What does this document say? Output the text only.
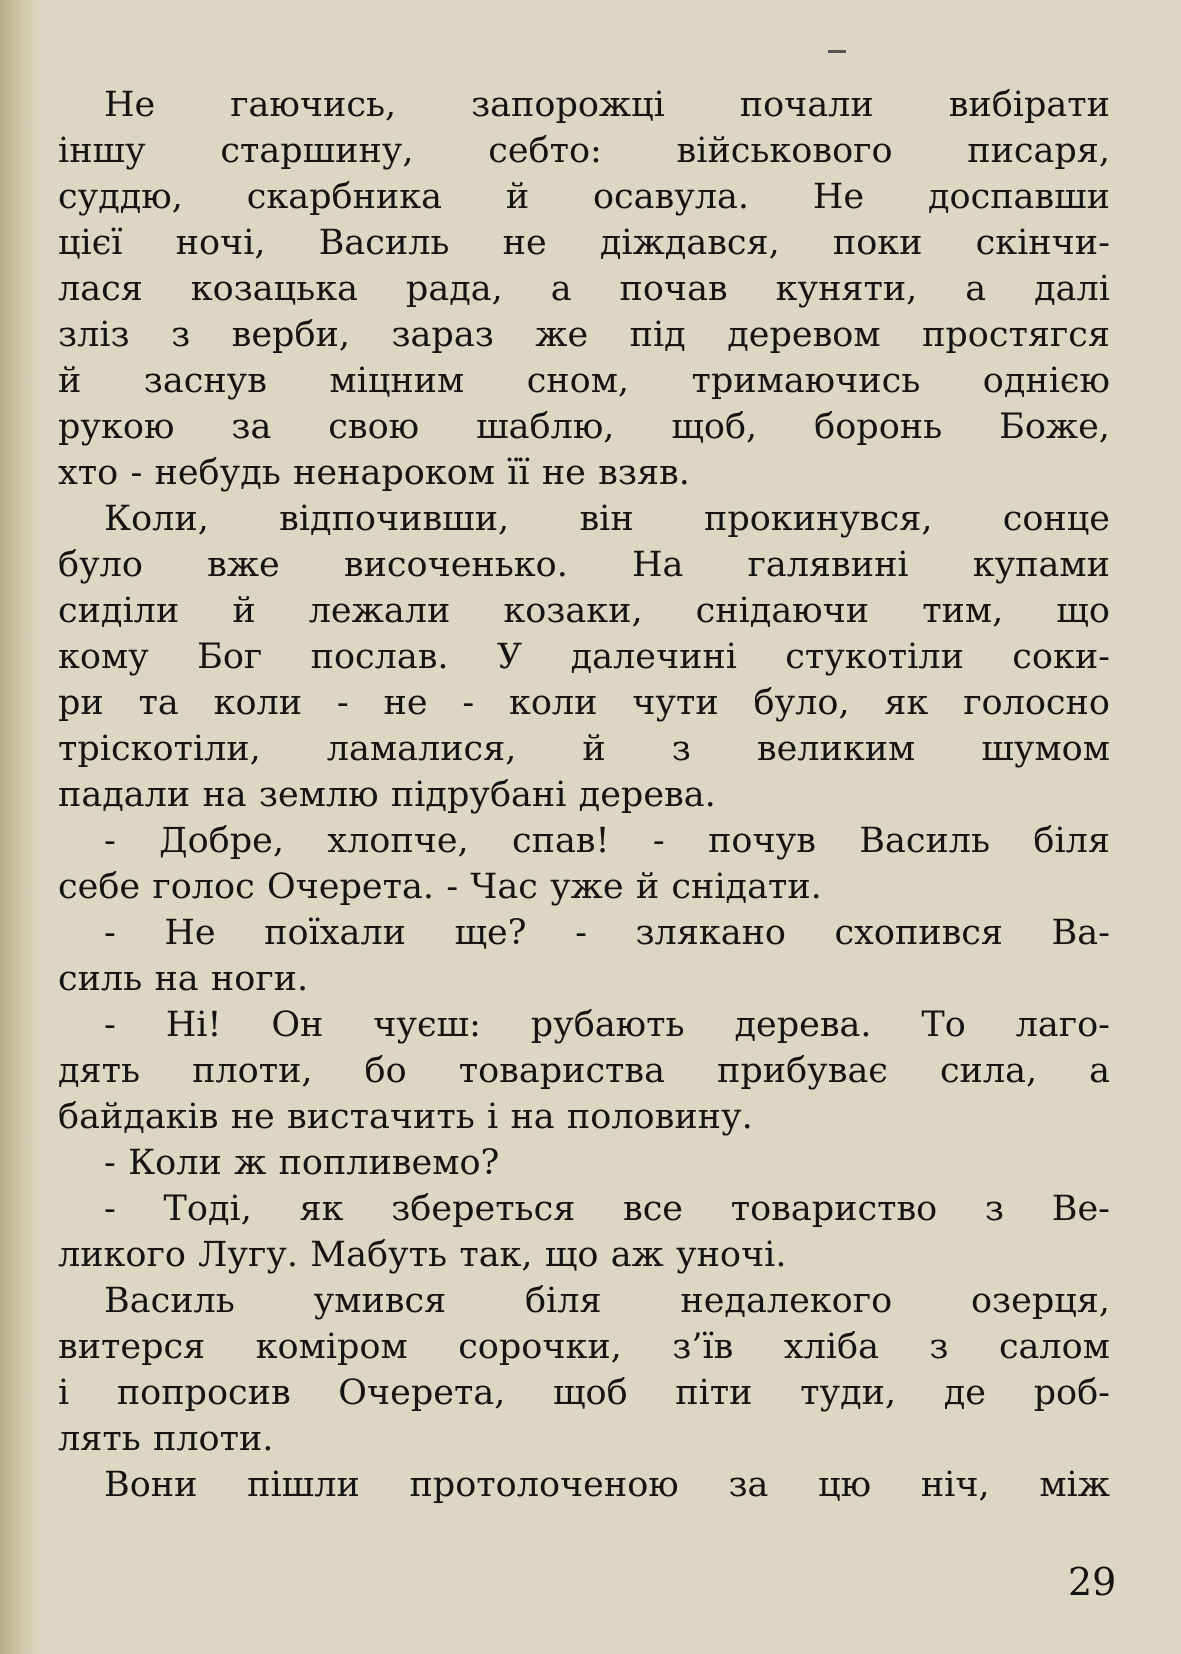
Не гаючись, запорожці почали вибірати
іншу старшину, себто: військового писаря,
суддю, скарбника й осавула. Не доспавши
цієї ночі, Василь не діждався, поки скінчи-
лася козацька рада, а почав куняти, а далі
зліз з верби, зараз же під деревом простягся
й заснув міцним сном, тримаючись однією
рукою за свою шаблю, щоб, боронь Боже,
хто - небудь ненароком її не взяв.
Коли, відпочивши, він прокинувся, сонце
було вже височенько. На галявині купами
сиділи й лежали козаки, снідаючи тим, що
кому Бог послав. У далечині стукотіли соки-
ри та коли - не - коли чути було, як голосно
тріскотіли, ламалися, й з великим шумом
падали на землю підрубані дерева.
- Добре, хлопче, спав! - почув Василь біля
себе голос Очерета. - Час уже й снідати.
- Не поїхали ще? - злякано схопився Ва-
силь на ноги.
- Ні! Он чуєш: рубають дерева. То лаго-
дять плоти, бо товариства прибуває сила, а
байдаків не вистачить і на половину.
- Коли ж попливемо?
- Тоді, як збереться все товариство з Ве-
ликого Лугу. Мабуть так, що аж уночі.
Василь умився біля недалекого озерця,
витерся коміром сорочки, з’їв хліба з салом
і попросив Очерета, щоб піти туди, де роб-
лять плоти.
Вони пішли протолоченою за цю ніч, між
29
